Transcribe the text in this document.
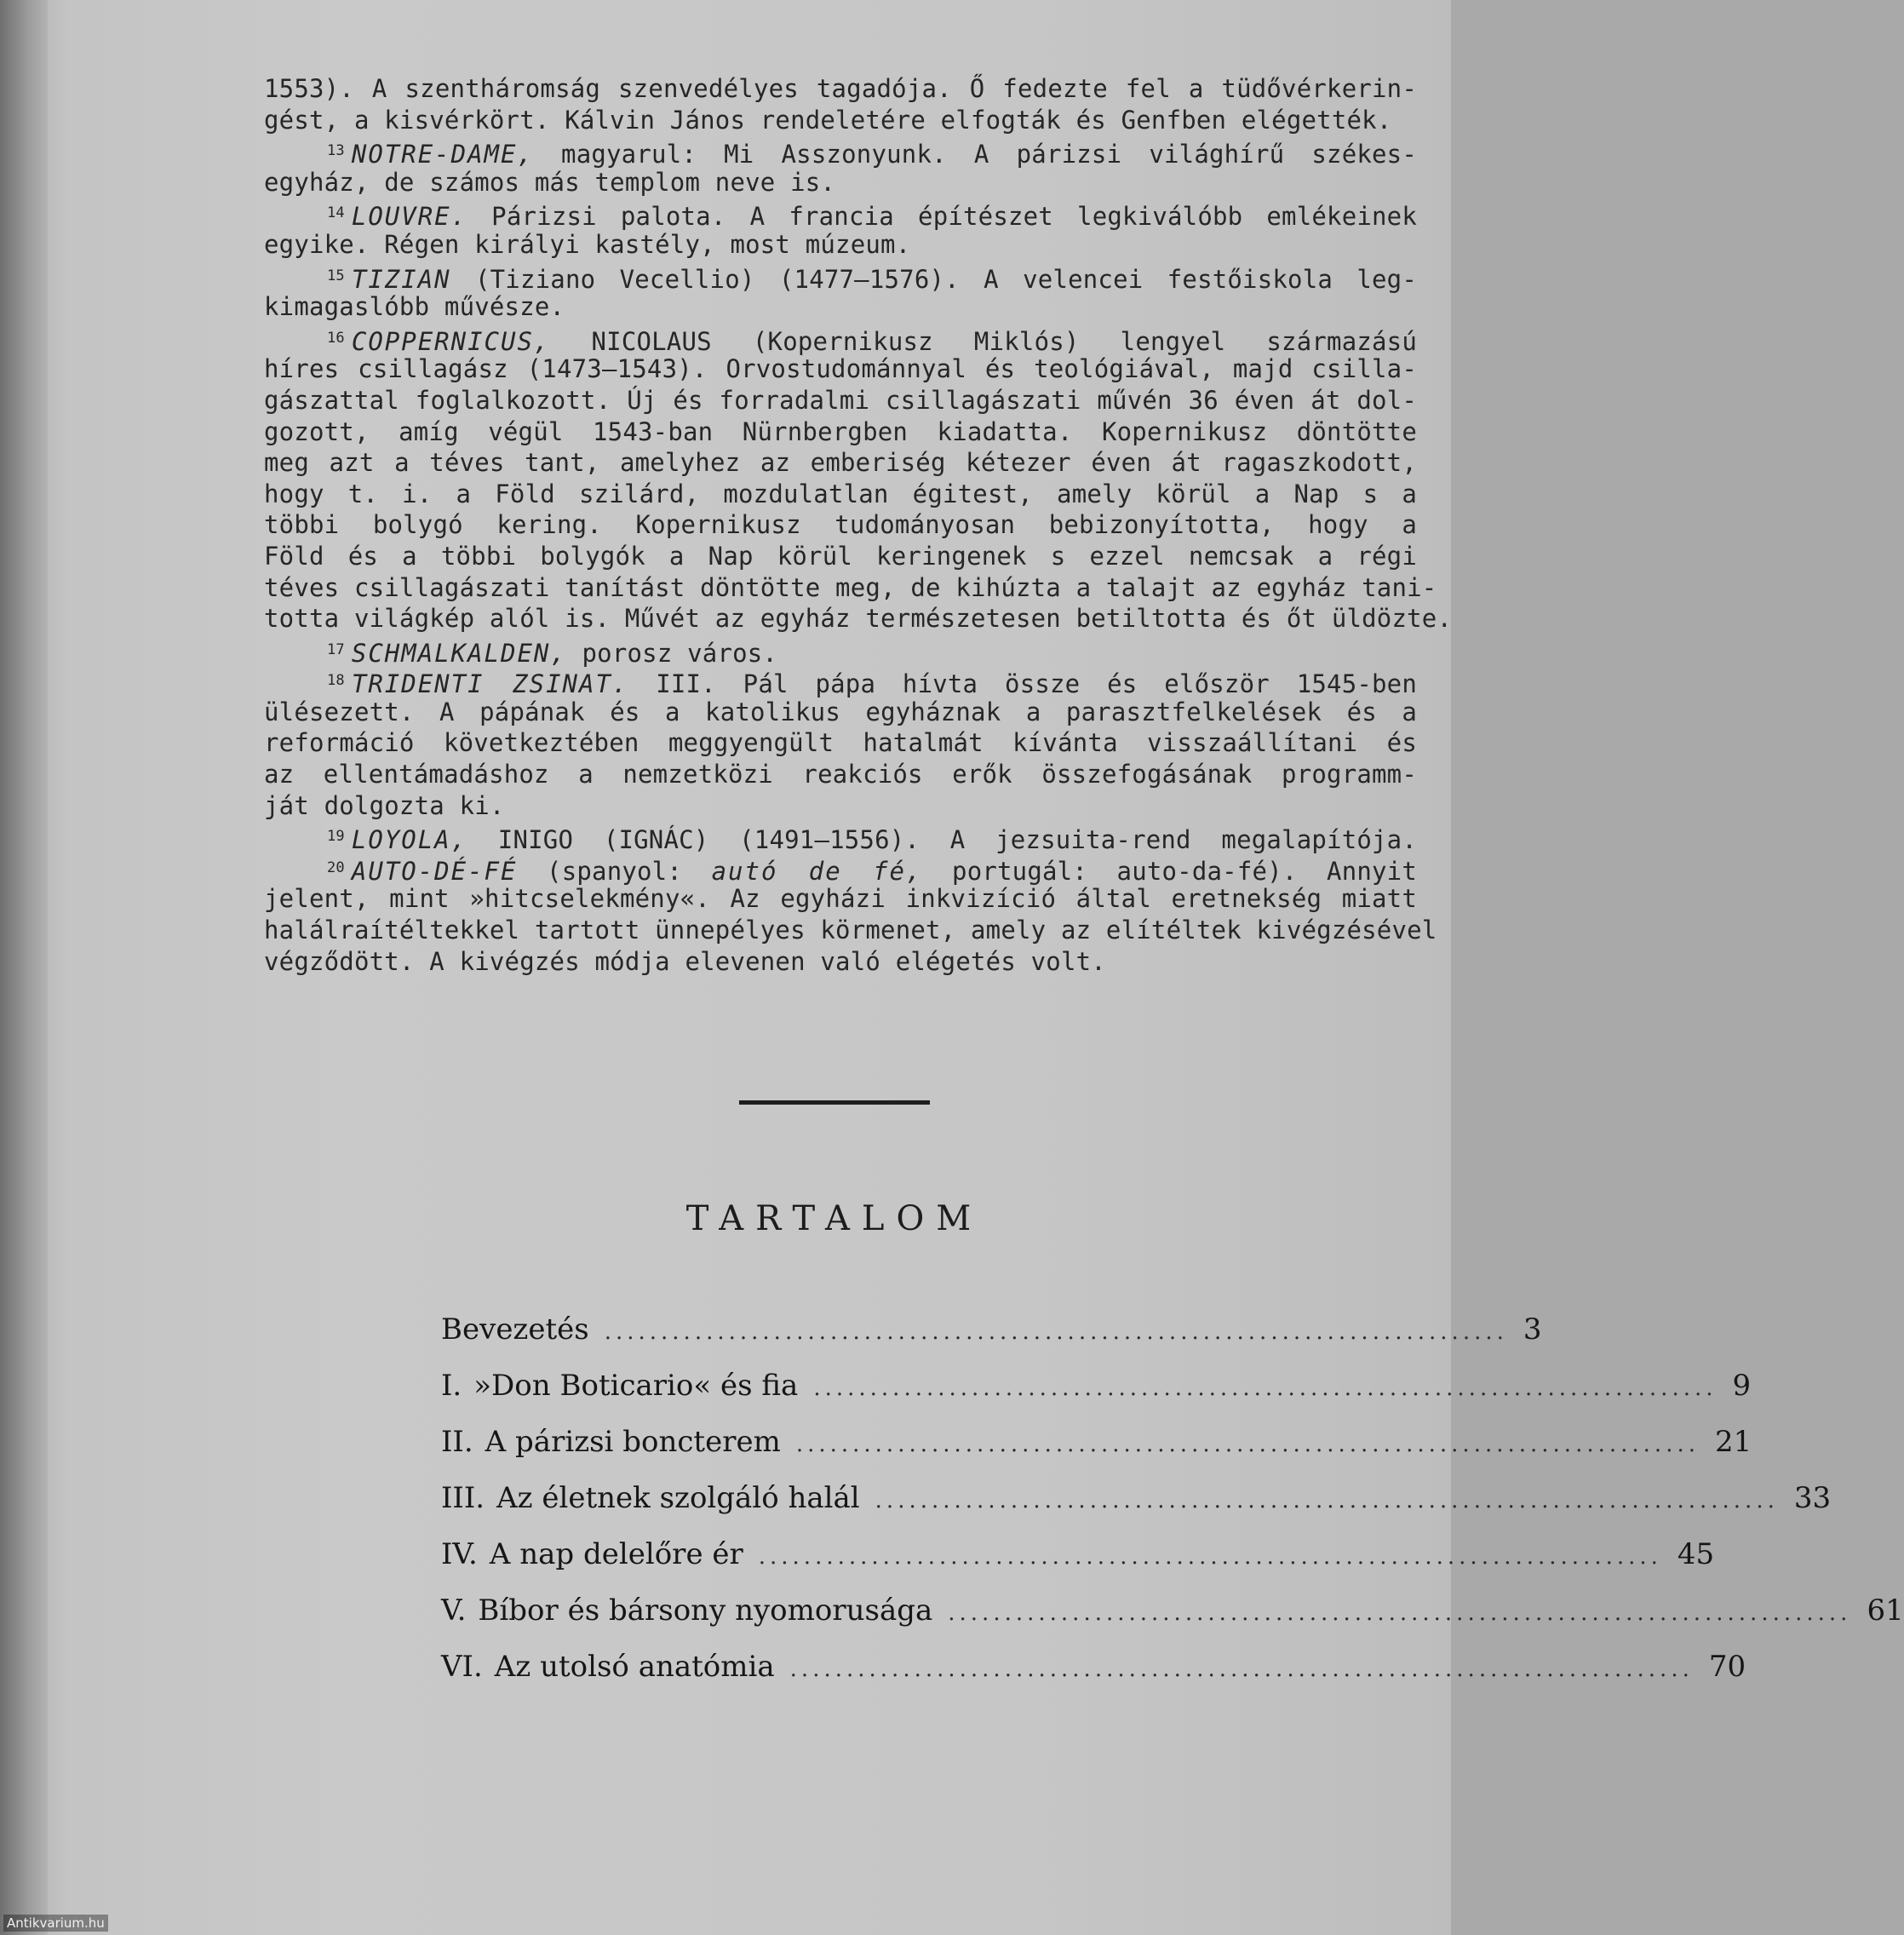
1553). A szentháromság szenvedélyes tagadója. Ő fedezte fel a tüdővérkerin-
gést, a kisvérkört. Kálvin János rendeletére elfogták és Genfben elégették.
$^{13}$ NOTRE-DAME, magyarul: Mi Asszonyunk. A párizsi világhírű székes-
egyház, de számos más templom neve is.
$^{14}$ LOUVRE. Párizsi palota. A francia építészet legkiválóbb emlékeinek
egyike. Régen királyi kastély, most múzeum.
$^{15}$ TIZIAN (Tiziano Vecellio) (1477—1576). A velencei festőiskola leg-
kimagaslóbb művésze.
$^{16}$ COPPERNICUS, NICOLAUS (Kopernikusz Miklós) lengyel származású
híres csillagász (1473—1543). Orvostudománnyal és teológiával, majd csilla-
gászattal foglalkozott. Új és forradalmi csillagászati művén 36 éven át dol-
gozott, amíg végül 1543-ban Nürnbergben kiadatta. Kopernikusz döntötte
meg azt a téves tant, amelyhez az emberiség kétezer éven át ragaszkodott,
hogy t. i. a Föld szilárd, mozdulatlan égitest, amely körül a Nap s a
többi bolygó kering. Kopernikusz tudományosan bebizonyította, hogy a
Föld és a többi bolygók a Nap körül keringenek s ezzel nemcsak a régi
téves csillagászati tanítást döntötte meg, de kihúzta a talajt az egyház tani-
totta világkép alól is. Művét az egyház természetesen betiltotta és őt üldözte.
$^{17}$ SCHMALKALDEN, porosz város.
$^{18}$ TRIDENTI ZSINAT. III. Pál pápa hívta össze és először 1545-ben
ülésezett. A pápának és a katolikus egyháznak a parasztfelkelések és a
reformáció következtében meggyengült hatalmát kívánta visszaállítani és
az ellentámadáshoz a nemzetközi reakciós erők összefogásának programm-
ját dolgozta ki.
$^{19}$ LOYOLA, INIGO (IGNÁC) (1491—1556). A jezsuita-rend megalapítója.
$^{20}$ AUTO-DÉ-FÉ (spanyol: autó de fé, portugál: auto-da-fé). Annyit
jelent, mint »hitcselekmény«. Az egyházi inkvizíció által eretnekség miatt
halálraítéltekkel tartott ünnepélyes körmenet, amely az elítéltek kivégzésével
végződött. A kivégzés módja elevenen való elégetés volt.
TARTALOM
Bevezetés ................................................................................ 3
I. »Don Boticario« és fia ................................................................................ 9
II. A párizsi boncterem ................................................................................ 21
III. Az életnek szolgáló halál ................................................................................ 33
IV. A nap delelőre ér ................................................................................ 45
V. Bíbor és bársony nyomorusága ................................................................................ 61
VI. Az utolsó anatómia ................................................................................ 70
Antikvarium.hu
